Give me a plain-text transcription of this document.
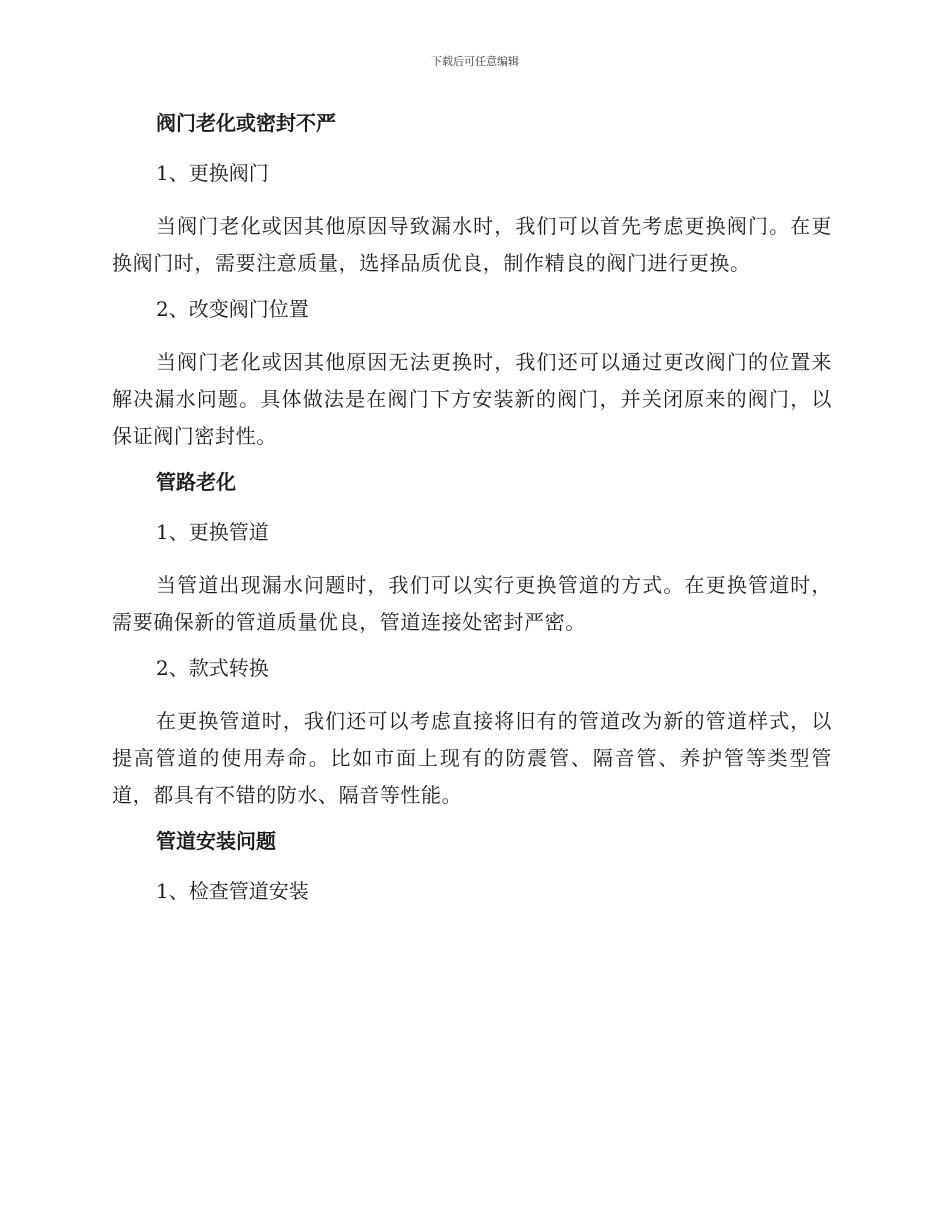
下载后可任意编辑
阀门老化或密封不严
1、更换阀门

当阀门老化或因其他原因导致漏水时，我们可以首先考虑更换阀门。在更换阀门时，需要注意质量，选择品质优良，制作精良的阀门进行更换。

2、改变阀门位置

当阀门老化或因其他原因无法更换时，我们还可以通过更改阀门的位置来解决漏水问题。具体做法是在阀门下方安装新的阀门，并关闭原来的阀门，以保证阀门密封性。

管路老化
1、更换管道

当管道出现漏水问题时，我们可以实行更换管道的方式。在更换管道时，需要确保新的管道质量优良，管道连接处密封严密。

2、款式转换

在更换管道时，我们还可以考虑直接将旧有的管道改为新的管道样式，以提高管道的使用寿命。比如市面上现有的防震管、隔音管、养护管等类型管道，都具有不错的防水、隔音等性能。

管道安装问题
1、检查管道安装
